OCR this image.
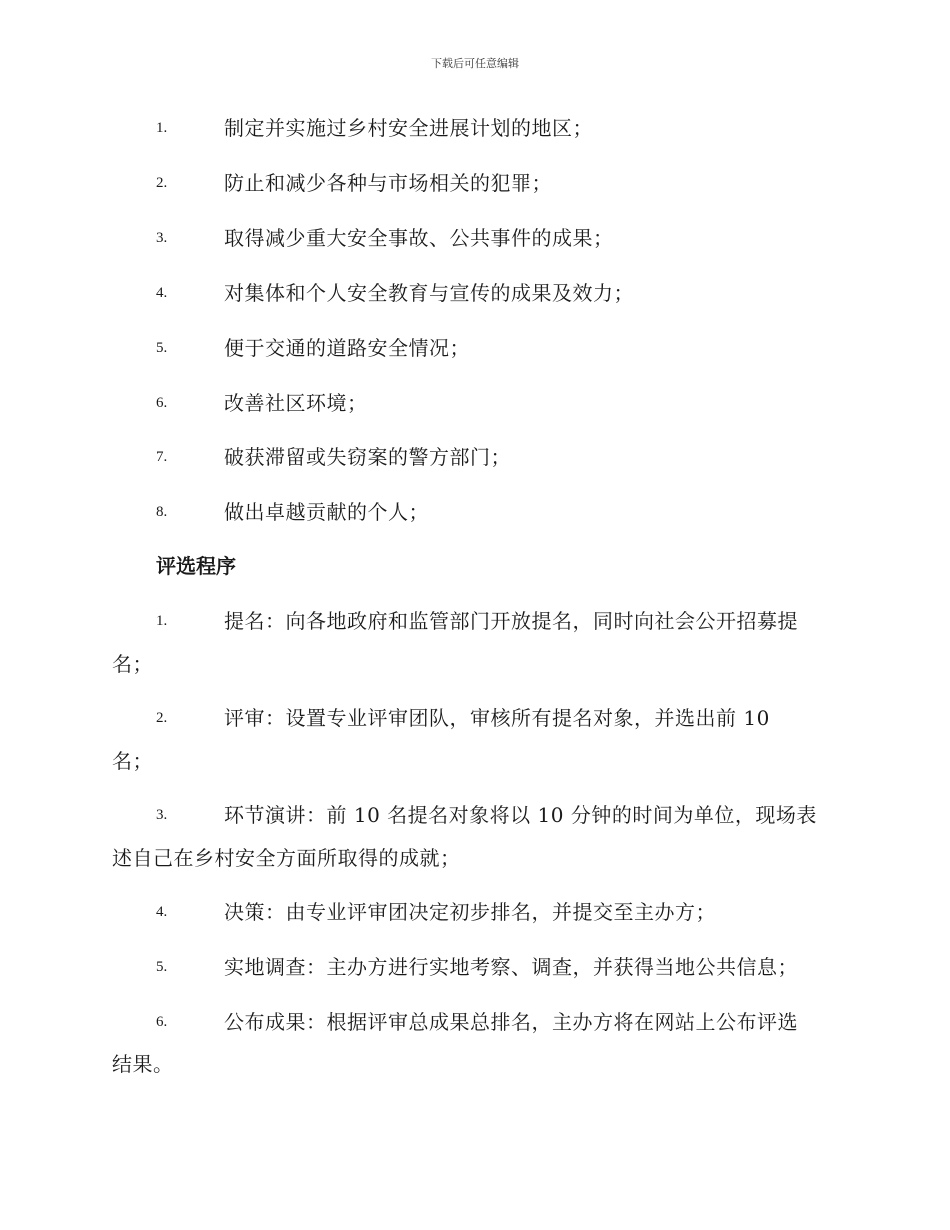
下载后可任意编辑
1.	制定并实施过乡村安全进展计划的地区；
2.	防止和减少各种与市场相关的犯罪；
3.	取得减少重大安全事故、公共事件的成果；
4.	对集体和个人安全教育与宣传的成果及效力；
5.	便于交通的道路安全情况；
6.	改善社区环境；
7.	破获滞留或失窃案的警方部门；
8.	做出卓越贡献的个人；
评选程序
1.	提名：向各地政府和监管部门开放提名，同时向社会公开招募提
名；
2.	评审：设置专业评审团队，审核所有提名对象，并选出前 10
名；
3.	环节演讲：前 10 名提名对象将以 10 分钟的时间为单位，现场表
述自己在乡村安全方面所取得的成就；
4.	决策：由专业评审团决定初步排名，并提交至主办方；
5.	实地调查：主办方进行实地考察、调查，并获得当地公共信息；
6.	公布成果：根据评审总成果总排名，主办方将在网站上公布评选
结果。
